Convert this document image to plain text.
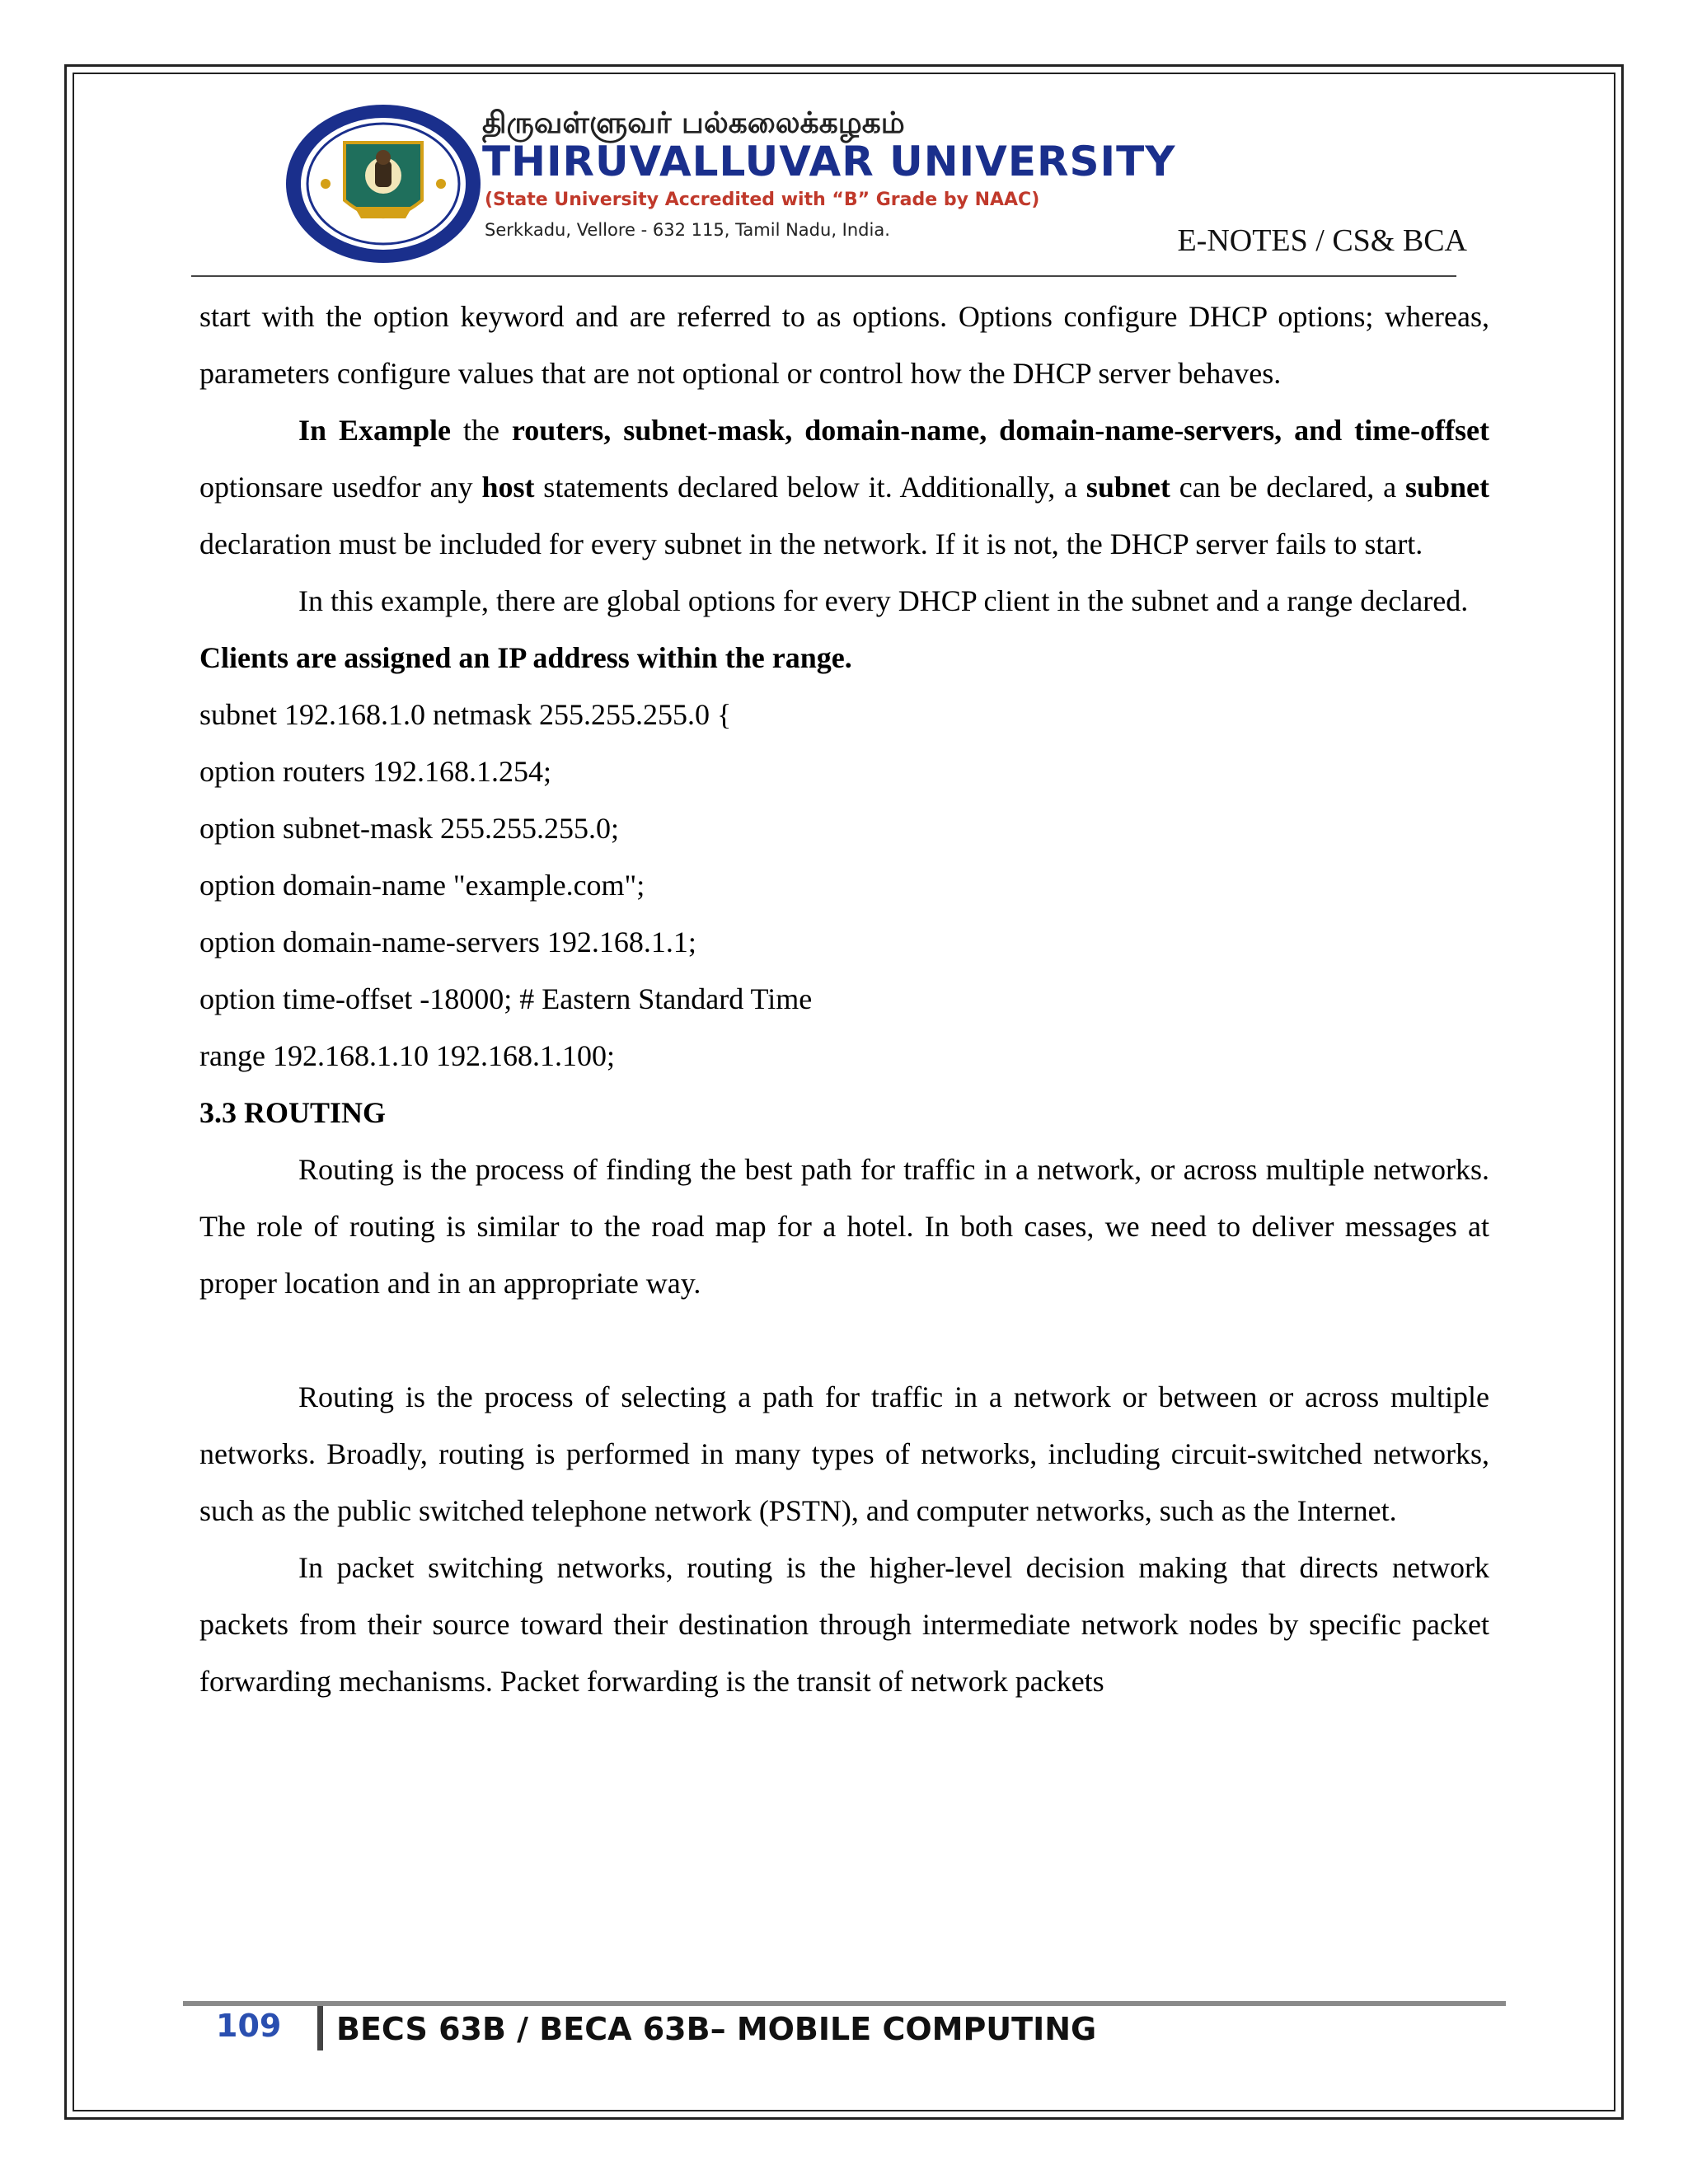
திருவள்ளுவர் பல்கலைக்கழகம்
THIRUVALLUVAR UNIVERSITY
(State University Accredited with “B” Grade by NAAC)
Serkkadu, Vellore - 632 115, Tamil Nadu, India.	E-NOTES / CS& BCA

start with the option keyword and are referred to as options. Options configure DHCP options; whereas, parameters configure values that are not optional or control how the DHCP server behaves.

In Example the routers, subnet-mask, domain-name, domain-name-servers, and time-offset optionsare usedfor any host statements declared below it. Additionally, a subnet can be declared, a subnet declaration must be included for every subnet in the network. If it is not, the DHCP server fails to start.

In this example, there are global options for every DHCP client in the subnet and a range declared.

Clients are assigned an IP address within the range.

subnet 192.168.1.0 netmask 255.255.255.0 {

option routers 192.168.1.254;

option subnet-mask 255.255.255.0;

option domain-name "example.com";

option domain-name-servers 192.168.1.1;

option time-offset -18000; # Eastern Standard Time

range 192.168.1.10 192.168.1.100;

3.3 ROUTING

Routing is the process of finding the best path for traffic in a network, or across multiple networks. The role of routing is similar to the road map for a hotel. In both cases, we need to deliver messages at proper location and in an appropriate way.

Routing is the process of selecting a path for traffic in a network or between or across multiple networks. Broadly, routing is performed in many types of networks, including circuit-switched networks, such as the public switched telephone network (PSTN), and computer networks, such as the Internet.

In packet switching networks, routing is the higher-level decision making that directs network packets from their source toward their destination through intermediate network nodes by specific packet forwarding mechanisms. Packet forwarding is the transit of network packets

109 BECS 63B / BECA 63B– MOBILE COMPUTING
